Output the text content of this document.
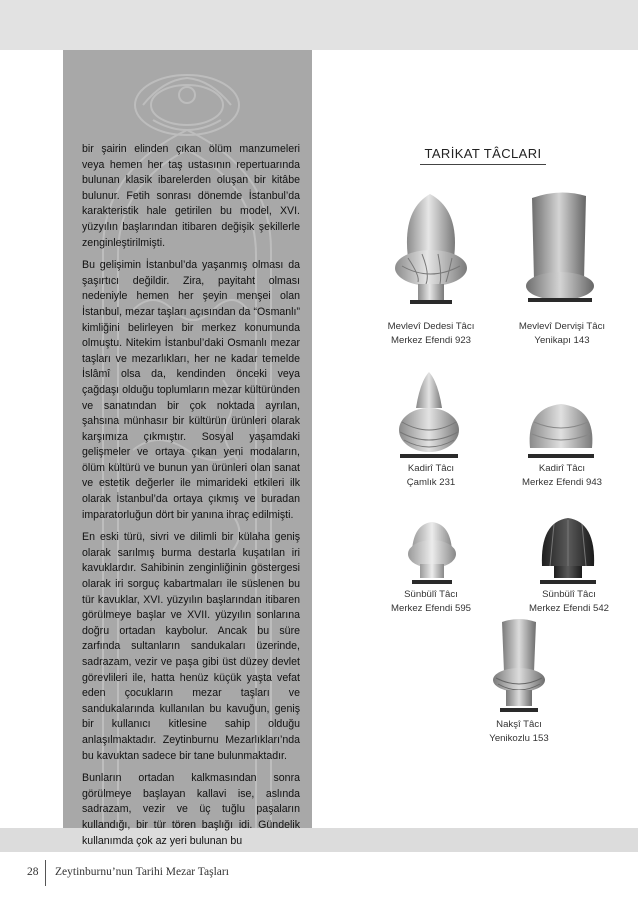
bir şairin elinden çıkan ölüm manzumeleri veya hemen her taş ustasının repertuarında bulunan klasik ibarelerden oluşan bir kitâbe bulunur. Fetih sonrası dönemde İstanbul’da karakteristik hale getirilen bu model, XVI. yüzyılın başlarından itibaren değişik şekillerle zenginleştirilmişti.

Bu gelişimin İstanbul’da yaşanmış olması da şaşırtıcı değildir. Zira, payitaht olması nedeniyle hemen her şeyin menşei olan İstanbul, mezar taşları açısından da “Osmanlı” kimliğini belirleyen bir merkez konumunda olmuştu. Nitekim İstanbul’daki Osmanlı mezar taşları ve mezarlıkları, her ne kadar temelde İslâmî olsa da, kendinden önceki veya çağdaşı olduğu toplumların mezar kültüründen ve sanatından bir çok noktada ayrılan, şahsına münhasır bir kültürün ürünleri olarak karşımıza çıkmıştır. Sosyal yaşamdaki gelişmeler ve ortaya çıkan yeni modaların, ölüm kültürü ve bunun yan ürünleri olan sanat ve estetik değerler ile mimarideki etkileri ilk olarak İstanbul’da ortaya çıkmış ve buradan imparatorluğun dört bir yanına ihraç edilmişti.

En eski türü, sivri ve dilimli bir külaha geniş olarak sarılmış burma destarla kuşatılan iri kavuklardır. Sahibinin zenginliğinin göstergesi olarak iri sorguç kabartmaları ile süslenen bu tür kavuklar, XVI. yüzyılın başlarından itibaren görülmeye başlar ve XVII. yüzyılın sonlarına doğru ortadan kaybolur. Ancak bu süre zarfında sultanların sandukaları üzerinde, sadrazam, vezir ve paşa gibi üst düzey devlet görevlileri ile, hatta henüz küçük yaşta vefat eden çocukların mezar taşları ve sandukalarında kullanılan bu kavuğun, geniş bir kullanıcı kitlesine sahip olduğu anlaşılmaktadır. Zeytinburnu Mezarlıkları’nda bu kavuktan sadece bir tane bulunmaktadır.

Bunların ortadan kalkmasından sonra görülmeye başlayan kallavi ise, aslında sadrazam, vezir ve üç tuğlu paşaların kullandığı, bir tür tören başlığı idi. Gündelik kullanımda çok az yeri bulunan bu

TARİKAT TÂCLARI
Mevlevî Dedesi Tâcı
Merkez Efendi 923
Mevlevî Dervişi Tâcı
Yenikapı 143
Kadirî Tâcı
Çamlık 231
Kadirî Tâcı
Merkez Efendi 943
Sünbülî Tâcı
Merkez Efendi 595
Sünbülî Tâcı
Merkez Efendi 542
Nakşî Tâcı
Yenikozlu 153
28 Zeytinburnu’nun Tarihi Mezar Taşları
